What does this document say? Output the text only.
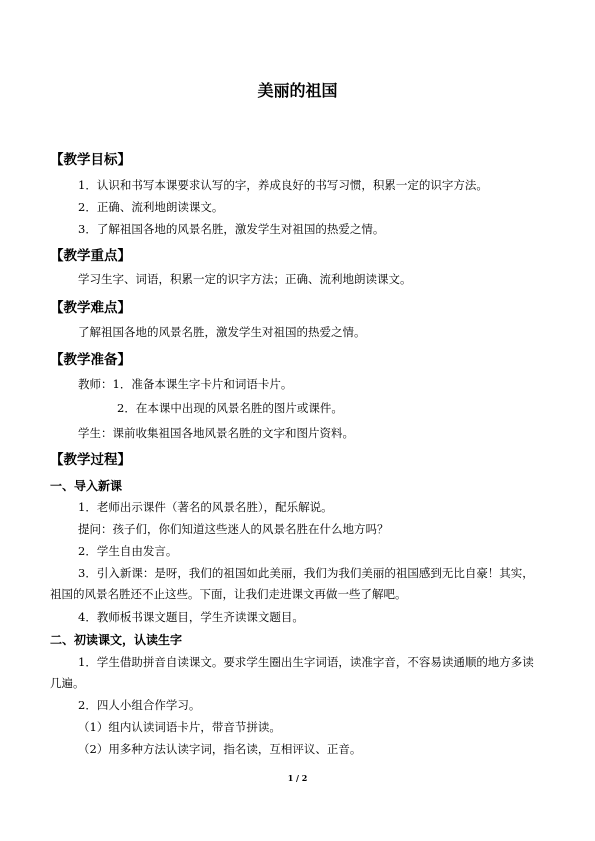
美丽的祖国
【教学目标】
1．认识和书写本课要求认写的字，养成良好的书写习惯，积累一定的识字方法。
2．正确、流利地朗读课文。
3．了解祖国各地的风景名胜，激发学生对祖国的热爱之情。
【教学重点】
学习生字、词语，积累一定的识字方法；正确、流利地朗读课文。
【教学难点】
了解祖国各地的风景名胜，激发学生对祖国的热爱之情。
【教学准备】
教师：1．准备本课生字卡片和词语卡片。
2．在本课中出现的风景名胜的图片或课件。
学生：课前收集祖国各地风景名胜的文字和图片资料。
【教学过程】
一、导入新课
1．老师出示课件（著名的风景名胜），配乐解说。
提问：孩子们，你们知道这些迷人的风景名胜在什么地方吗？
2．学生自由发言。
3．引入新课：是呀，我们的祖国如此美丽，我们为我们美丽的祖国感到无比自豪！其实，祖国的风景名胜还不止这些。下面，让我们走进课文再做一些了解吧。
4．教师板书课文题目，学生齐读课文题目。
二、初读课文，认读生字
1．学生借助拼音自读课文。要求学生圈出生字词语，读准字音，不容易读通顺的地方多读几遍。
2．四人小组合作学习。
（1）组内认读词语卡片，带音节拼读。
（2）用多种方法认读字词，指名读，互相评议、正音。
1 / 2
